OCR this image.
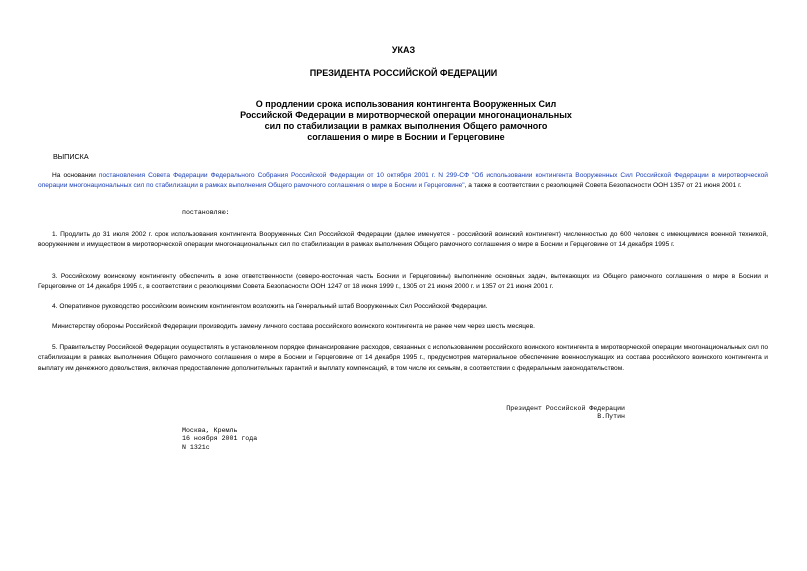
УКАЗ
ПРЕЗИДЕНТА РОССИЙСКОЙ ФЕДЕРАЦИИ
О продлении срока использования контингента Вооруженных Сил
Российской Федерации в миротворческой операции многонациональных
сил по стабилизации в рамках выполнения Общего рамочного
соглашения о мире в Боснии и Герцеговине
ВЫПИСКА
На основании постановления Совета Федерации Федерального Собрания Российской Федерации от 10 октября 2001 г. N 299-СФ "Об использовании контингента Вооруженных Сил Российской Федерации в миротворческой операции многонациональных сил по стабилизации в рамках выполнения Общего рамочного соглашения о мире в Боснии и Герцеговине", а также в соответствии с резолюцией Совета Безопасности ООН 1357 от 21 июня 2001 г.
постановляю:
1. Продлить до 31 июля 2002 г. срок использования контингента Вооруженных Сил Российской Федерации (далее именуется - российский воинский контингент) численностью до 600 человек с имеющимися военной техникой, вооружением и имуществом в миротворческой операции многонациональных сил по стабилизации в рамках выполнения Общего рамочного соглашения о мире в Боснии и Герцеговине от 14 декабря 1995 г.
3. Российскому воинскому контингенту обеспечить в зоне ответственности (северо-восточная часть Боснии и Герцеговины) выполнение основных задач, вытекающих из Общего рамочного соглашения о мире в Боснии и Герцеговине от 14 декабря 1995 г., в соответствии с резолюциями Совета Безопасности ООН 1247 от 18 июня 1999 г., 1305 от 21 июня 2000 г. и 1357 от 21 июня 2001 г.
4. Оперативное руководство российским воинским контингентом возложить на Генеральный штаб Вооруженных Сил Российской Федерации.
Министерству обороны Российской Федерации производить замену личного состава российского воинского контингента не ранее чем через шесть месяцев.
5. Правительству Российской Федерации осуществлять в установленном порядке финансирование расходов, связанных с использованием российского воинского контингента в миротворческой операции многонациональных сил по стабилизации в рамках выполнения Общего рамочного соглашения о мире в Боснии и Герцеговине от 14 декабря 1995 г., предусмотрев материальное обеспечение военнослужащих из состава российского воинского контингента и выплату им денежного довольствия, включая предоставление дополнительных гарантий и выплату компенсаций, в том числе их семьям, в соответствии с федеральным законодательством.
Президент Российской Федерации
В.Путин
Москва, Кремль
16 ноября 2001 года
N 1321с
